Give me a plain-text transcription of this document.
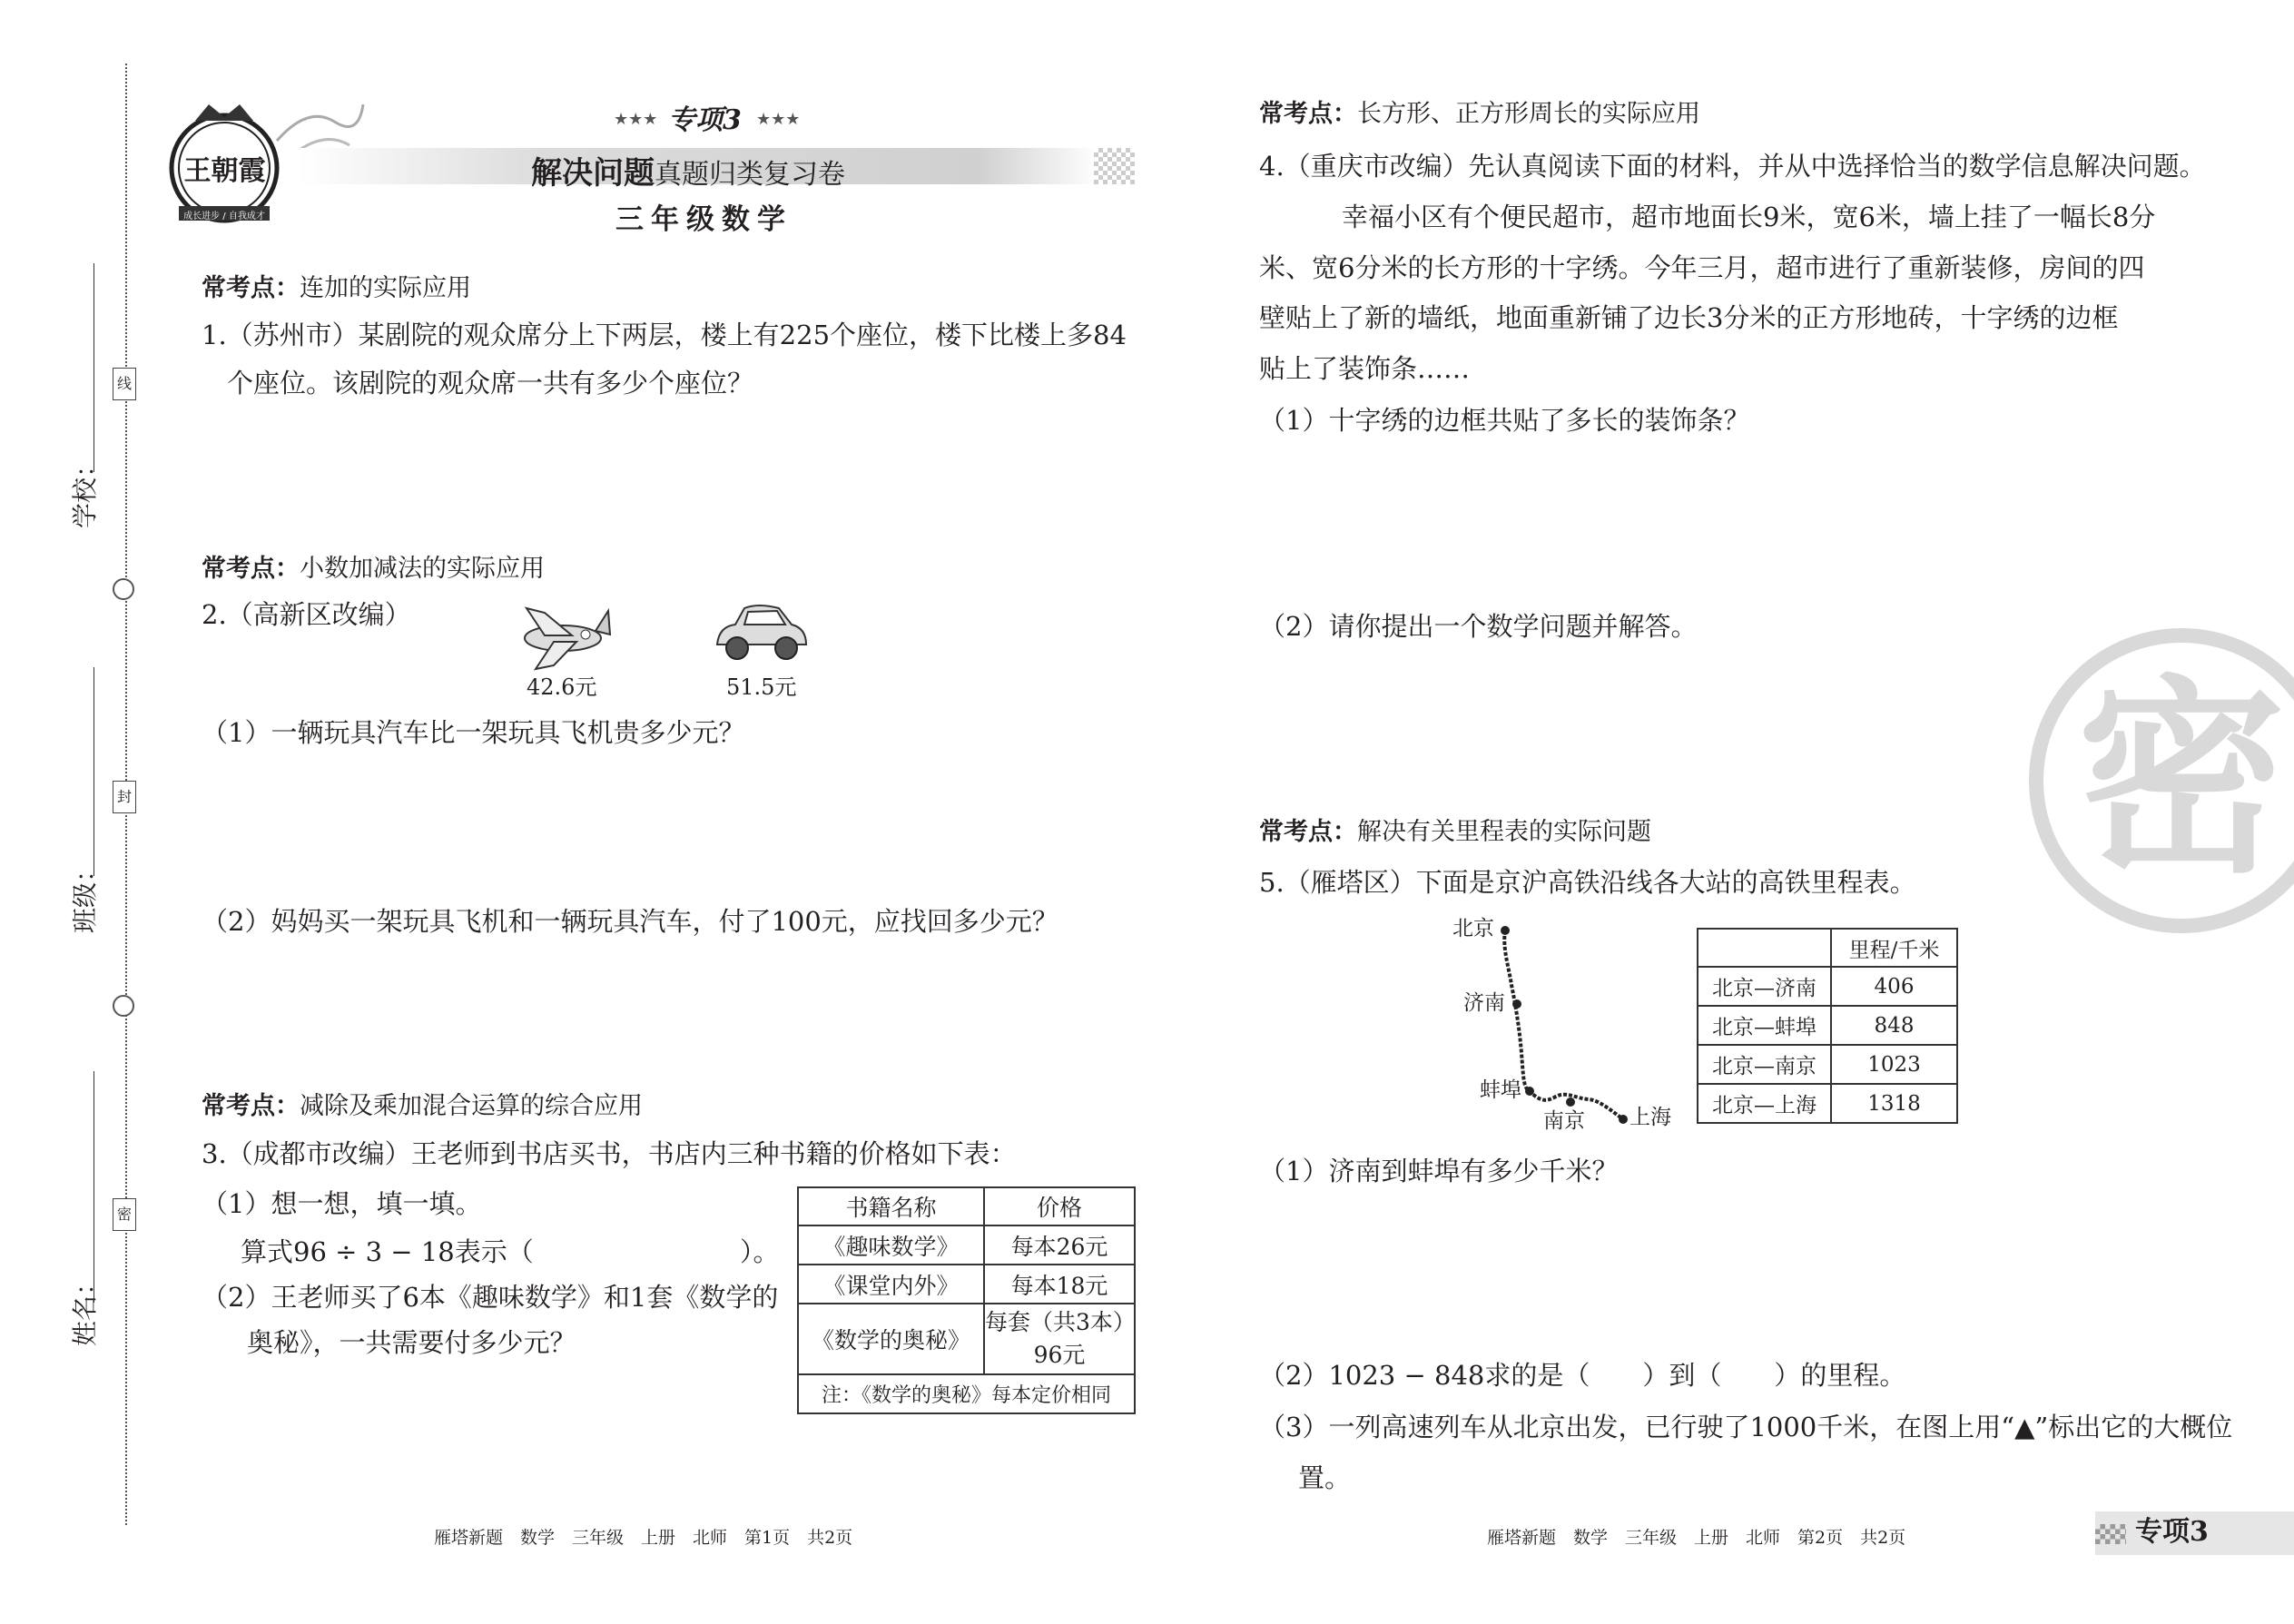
学校：
班级：
姓名：
线
封
密
王朝霞
成长进步 / 自我成才
★★★ 专项3 ★★★
解决问题真题归类复习卷
三年级数学
常考点：连加的实际应用
1.（苏州市）某剧院的观众席分上下两层，楼上有225个座位，楼下比楼上多84
个座位。该剧院的观众席一共有多少个座位？
常考点：小数加减法的实际应用
2.（高新区改编）
42.6元	51.5元
（1）一辆玩具汽车比一架玩具飞机贵多少元？
（2）妈妈买一架玩具飞机和一辆玩具汽车，付了100元，应找回多少元？
常考点：减除及乘加混合运算的综合应用
3.（成都市改编）王老师到书店买书，书店内三种书籍的价格如下表：
（1）想一想，填一填。
算式96 ÷ 3 − 18表示（	）。
（2）王老师买了6本《趣味数学》和1套《数学的
奥秘》，一共需要付多少元？
书籍名称	价格
《趣味数学》	每本26元
《课堂内外》	每本18元
《数学的奥秘》	每套（共3本）
96元

注：《数学的奥秘》每本定价相同	
雁塔新题　数学　三年级　上册　北师　第1页　共2页
常考点：长方形、正方形周长的实际应用
4.（重庆市改编）先认真阅读下面的材料，并从中选择恰当的数学信息解决问题。
幸福小区有个便民超市，超市地面长9米，宽6米，墙上挂了一幅长8分
米、宽6分米的长方形的十字绣。今年三月，超市进行了重新装修，房间的四
壁贴上了新的墙纸，地面重新铺了边长3分米的正方形地砖，十字绣的边框
贴上了装饰条……
（1）十字绣的边框共贴了多长的装饰条？
（2）请你提出一个数学问题并解答。
密
常考点：解决有关里程表的实际问题
5.（雁塔区）下面是京沪高铁沿线各大站的高铁里程表。
北京
济南
蚌埠
南京 上海
	里程/千米
北京—济南	406
北京—蚌埠	848
北京—南京	1023
北京—上海	1318
（1）济南到蚌埠有多少千米？
（2）1023 − 848求的是（　　）到（　　）的里程。
（3）一列高速列车从北京出发，已行驶了1000千米，在图上用“▲”标出它的大概位
置。
雁塔新题　数学　三年级　上册　北师　第2页　共2页	专项3
